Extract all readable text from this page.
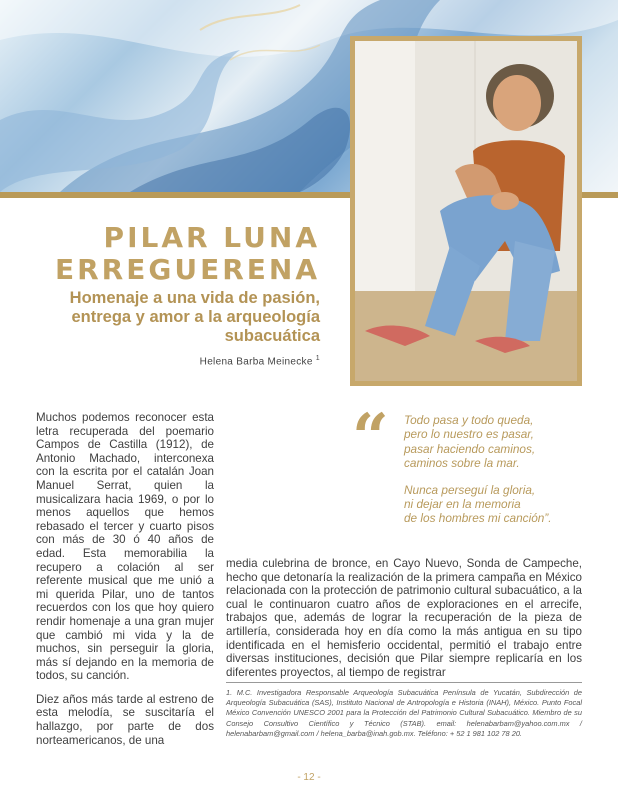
PILAR LUNA
ERREGUERENA
Homenaje a una vida de pasión,
entrega y amor a la arqueología
subacuática
Helena Barba Meinecke $^1$

Muchos podemos reconocer esta letra recuperada del poemario Campos de Castilla (1912), de Antonio Machado, interconexa con la escrita por el catalán Joan Manuel Serrat, quien la musicalizara hacia 1969, o por lo menos aquellos que hemos rebasado el tercer y cuarto pisos con más de 30 ó 40 años de edad. Esta memorabilia la recupero a colación al ser referente musical que me unió a mi querida Pilar, uno de tantos recuerdos con los que hoy quiero rendir homenaje a una gran mujer que cambió mi vida y la de muchos, sin perseguir la gloria, más sí dejando en la memoria de todos, su canción.

Diez años más tarde al estreno de esta melodía, se suscitaría el hallazgo, por parte de dos norteamericanos, de una

“ Todo pasa y todo queda,
pero lo nuestro es pasar,
pasar haciendo caminos,
caminos sobre la mar.

Nunca perseguí la gloria,
ni dejar en la memoria
de los hombres mi canción”.

media culebrina de bronce, en Cayo Nuevo, Sonda de Campeche, hecho que detonaría la realización de la primera campaña en México relacionada con la protección de patrimonio cultural subacuático, a la cual le continuaron cuatro años de exploraciones en el arrecife, trabajos que, además de lograr la recuperación de la pieza de artillería, considerada hoy en día como la más antigua en su tipo identificada en el hemisferio occidental, permitió el trabajo entre diversas instituciones, decisión que Pilar siempre replicaría en los diferentes proyectos, al tiempo de registrar

1. M.C. Investigadora Responsable Arqueología Subacuática Península de Yucatán, Subdirección de Arqueología Subacuática (SAS), Instituto Nacional de Antropología e Historia (INAH), México. Punto Focal México Convención UNESCO 2001 para la Protección del Patrimonio Cultural Subacuático. Miembro de su Consejo Consultivo Científico y Técnico (STAB). email: helenabarbam@yahoo.com.mx / helenabarbam@gmail.com / helena_barba@inah.gob.mx. Teléfono: + 52 1 981 102 78 20.
- 12 -
